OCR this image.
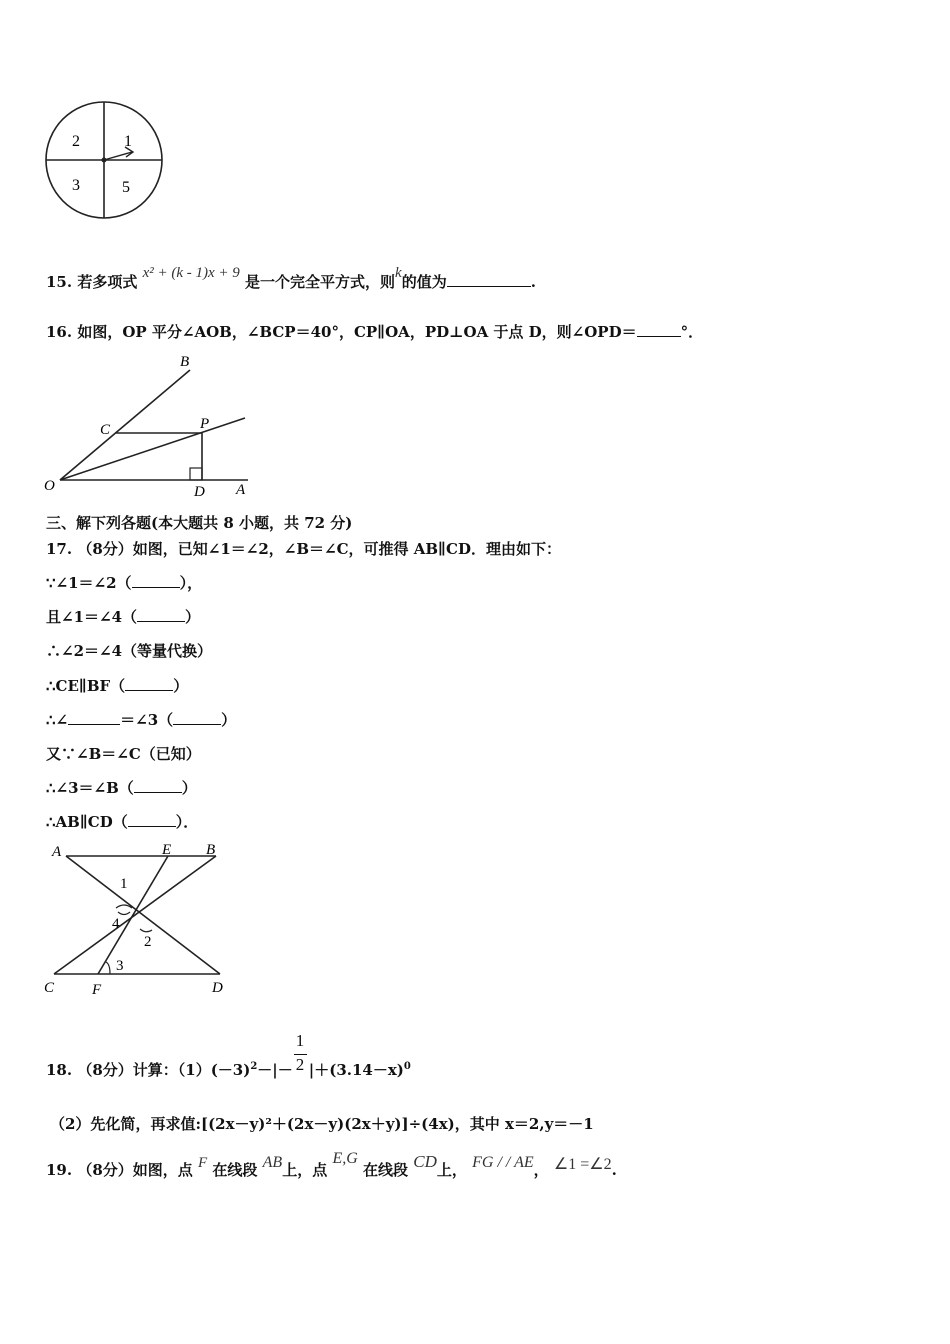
2	1
3	5
15. 若多项式 x² + (k - 1)x + 9 是一个完全平方式，则k的值为	.
16. 如图，OP 平分∠AOB，∠BCP＝40°，CP∥OA，PD⊥OA 于点 D，则∠OPD＝	°．
B
C	P
O	D A
三、解下列各题(本大题共 8 小题，共 72 分)
17. （8分）如图，已知∠1＝∠2，∠B＝∠C，可推得 AB∥CD．理由如下：
∵∠1＝∠2（	），
且∠1＝∠4（	）
∴∠2＝∠4（等量代换）
∴CE∥BF（	）
∴∠	＝∠3（	）
又∵∠B＝∠C（已知）
∴∠3＝∠B（	）
∴AB∥CD（	）．
A	E B
C	F	D
1
4
2
3
18. （8分）计算：$(1)(-3)^2-|- \frac{1}{2} |+(3.14-x)^0$
（2）先化简，再求值:[(2x－y)²＋(2x－y)(2x＋y)]÷(4x)，其中 x＝2,y＝－1
19. （8分）如图，点 F 在线段 AB上，点 E,G 在线段 CD上， FG / / AE， ∠1 =∠2.
